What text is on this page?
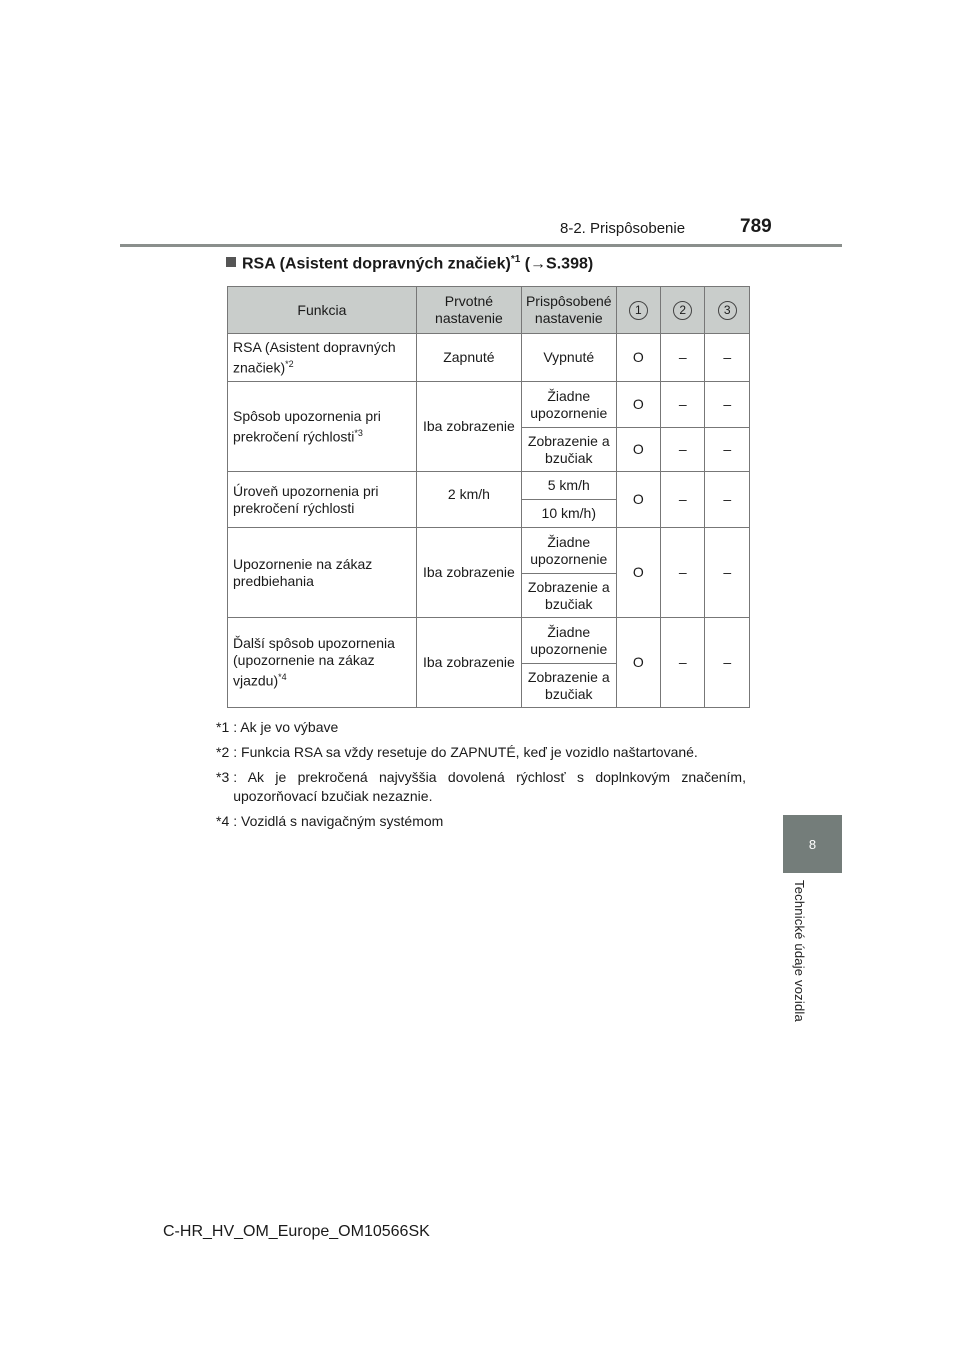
8-2. Prispôsobenie	789
8
Technické údaje vozidla
RSA (Asistent dopravných značiek)$^{*1}$ (→S.398)
Funkcia	Prvotné nastavenie	Prispôsobené nastavenie	1	2	3
RSA (Asistent dopravných značiek)$^{*2}$	Zapnuté	Vypnuté	O	–	–
Spôsob upozornenia pri prekročení rýchlosti$^{*3}$	Iba zobrazenie	Žiadne upozornenie	O	–	–
		Zobrazenie a bzučiak	O	–	–
Úroveň upozornenia pri prekročení rýchlosti	2 km/h	5 km/h	O	–	–
		10 km/h)			
Upozornenie na zákaz predbiehania	Iba zobrazenie	Žiadne upozornenie	O	–	–
		Zobrazenie a bzučiak			
Ďalší spôsob upozornenia (upozornenie na zákaz vjazdu)$^{*4}$	Iba zobrazenie	Žiadne upozornenie	O	–	–
		Zobrazenie a bzučiak			
*1 : Ak je vo výbave
*2 : Funkcia RSA sa vždy resetuje do ZAPNUTÉ, keď je vozidlo naštartované.
*3 : Ak je prekročená najvyššia dovolená rýchlosť s doplnkovým značením, upozorňovací bzučiak nezaznie.
*4 : Vozidlá s navigačným systémom
C-HR_HV_OM_Europe_OM10566SK
